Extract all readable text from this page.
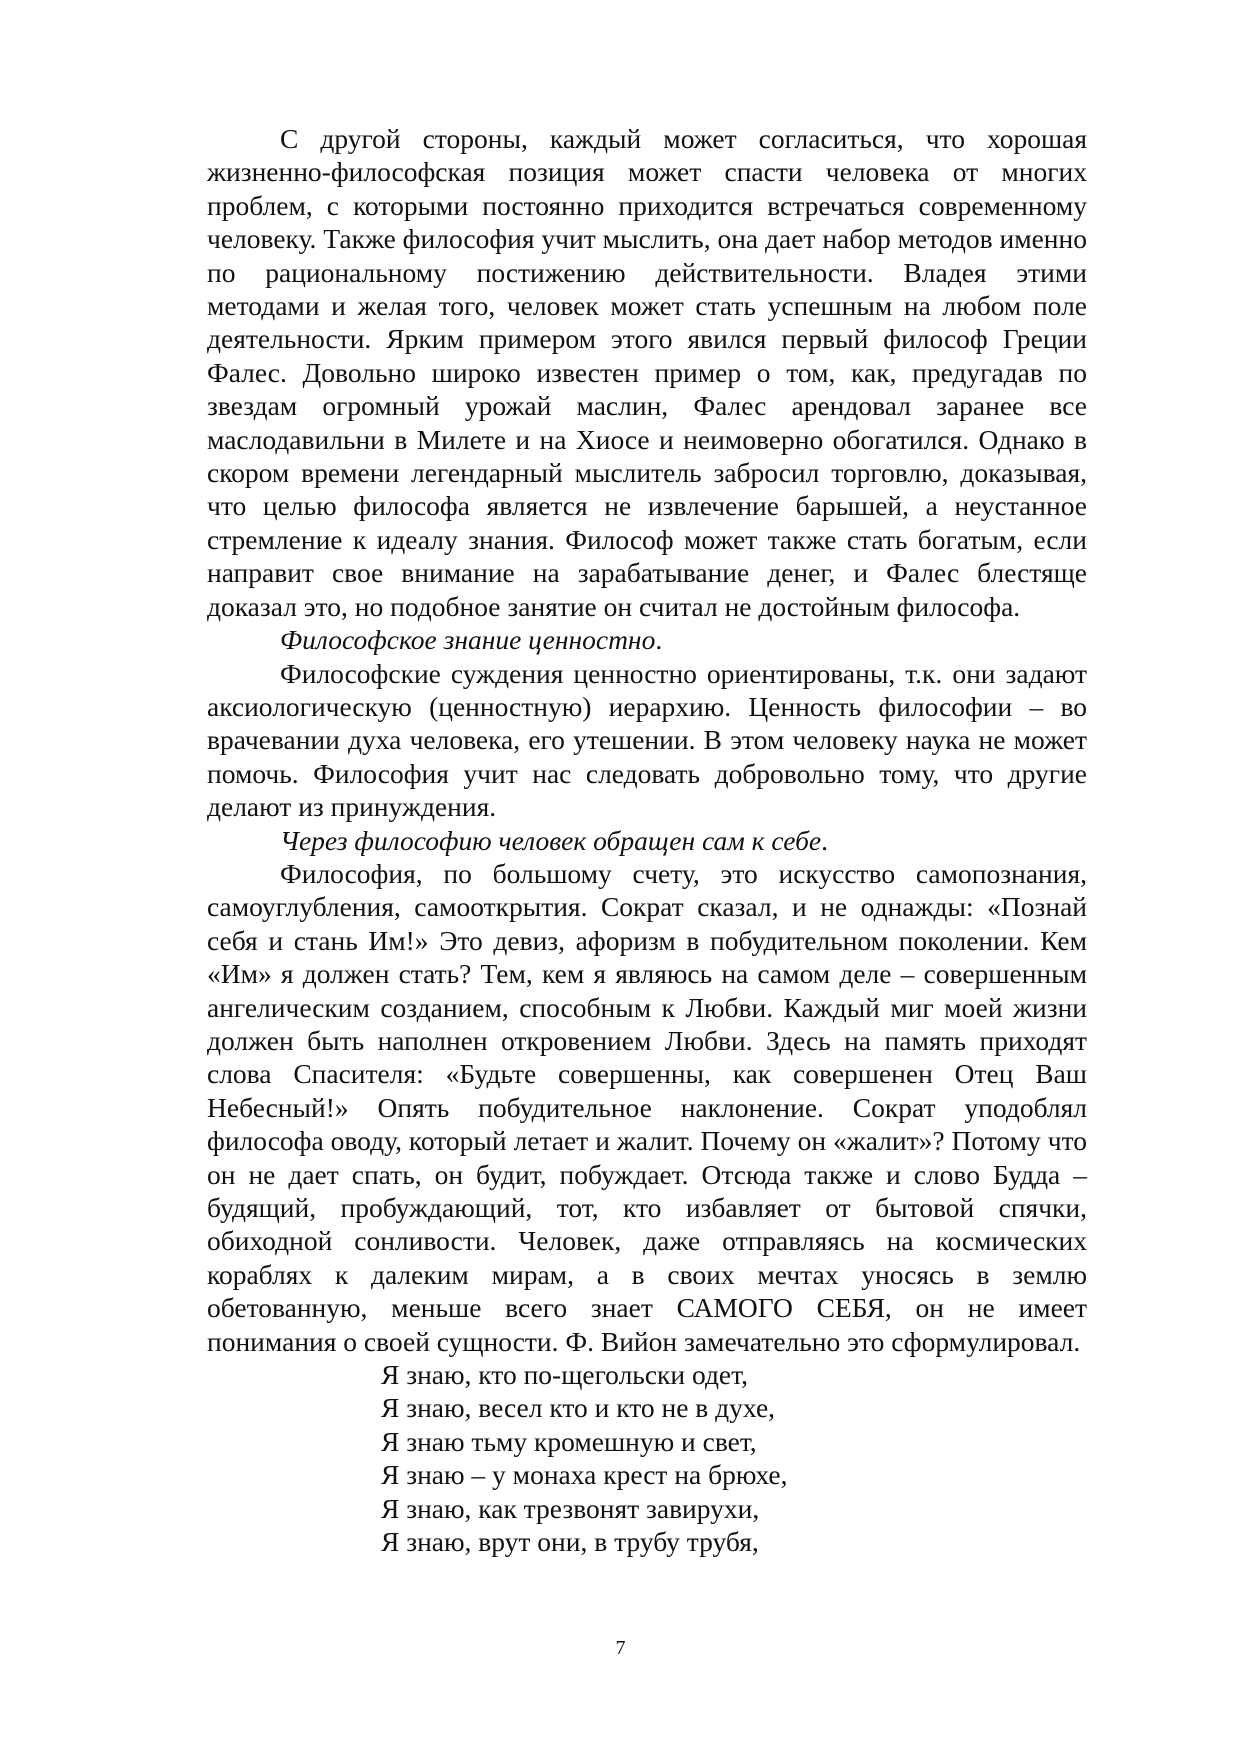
С другой стороны, каждый может согласиться, что хорошая жизненно-философская позиция может спасти человека от многих проблем, с которыми постоянно приходится встречаться современному человеку. Также философия учит мыслить, она дает набор методов именно по рациональному постижению действительности. Владея этими методами и желая того, человек может стать успешным на любом поле деятельности. Ярким примером этого явился первый философ Греции Фалес. Довольно широко известен пример о том, как, предугадав по звездам огромный урожай маслин, Фалес арендовал заранее все маслодавильни в Милете и на Хиосе и неимоверно обогатился. Однако в скором времени легендарный мыслитель забросил торговлю, доказывая, что целью философа является не извлечение барышей, а неустанное стремление к идеалу знания. Философ может также стать богатым, если направит свое внимание на зарабатывание денег, и Фалес блестяще доказал это, но подобное занятие он считал не достойным философа.

Философское знание ценностно.

Философские суждения ценностно ориентированы, т.к. они задают аксиологическую (ценностную) иерархию. Ценность философии – во врачевании духа человека, его утешении. В этом человеку наука не может помочь. Философия учит нас следовать добровольно тому, что другие делают из принуждения.

Через философию человек обращен сам к себе.

Философия, по большому счету, это искусство самопознания, самоуглубления, самооткрытия. Сократ сказал, и не однажды: «Познай себя и стань Им!» Это девиз, афоризм в побудительном поколении. Кем «Им» я должен стать? Тем, кем я являюсь на самом деле – совершенным ангелическим созданием, способным к Любви. Каждый миг моей жизни должен быть наполнен откровением Любви. Здесь на память приходят слова Спасителя: «Будьте совершенны, как совершенен Отец Ваш Небесный!» Опять побудительное наклонение. Сократ уподоблял философа оводу, который летает и жалит. Почему он «жалит»? Потому что он не дает спать, он будит, побуждает. Отсюда также и слово Будда – будящий, пробуждающий, тот, кто избавляет от бытовой спячки, обиходной сонливости. Человек, даже отправляясь на космических кораблях к далеким мирам, а в своих мечтах уносясь в землю обетованную, меньше всего знает САМОГО СЕБЯ, он не имеет понимания о своей сущности. Ф. Вийон замечательно это сформулировал.

Я знаю, кто по-щегольски одет,
Я знаю, весел кто и кто не в духе,
Я знаю тьму кромешную и свет,
Я знаю – у монаха крест на брюхе,
Я знаю, как трезвонят завирухи,
Я знаю, врут они, в трубу трубя,
7
